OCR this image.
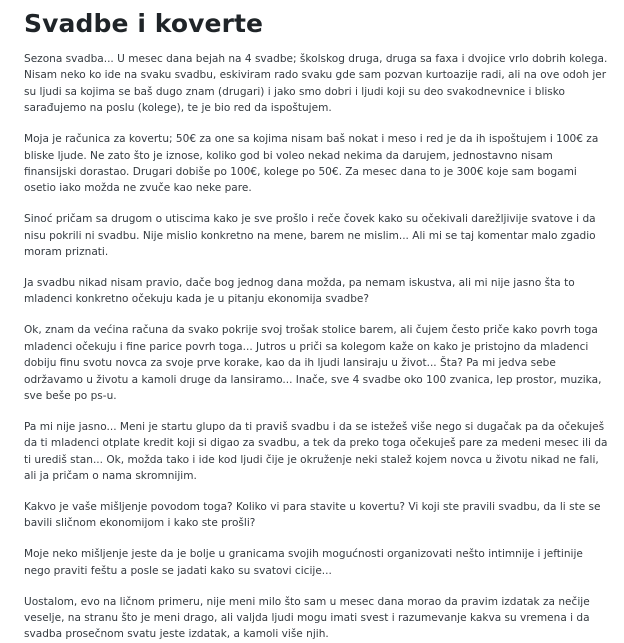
Svadbe i koverte

Sezona svadba... U mesec dana bejah na 4 svadbe; školskog druga, druga sa faxa i dvojice vrlo dobrih kolega. Nisam neko ko ide na svaku svadbu, eskiviram rado svaku gde sam pozvan kurtoazije radi, ali na ove odoh jer su ljudi sa kojima se baš dugo znam (drugari) i jako smo dobri i ljudi koji su deo svakodnevnice i blisko sarađujemo na poslu (kolege), te je bio red da ispoštujem.

Moja je računica za kovertu; 50€ za one sa kojima nisam baš nokat i meso i red je da ih ispoštujem i 100€ za bliske ljude. Ne zato što je iznose, koliko god bi voleo nekad nekima da darujem, jednostavno nisam finansijski dorastao. Drugari dobiše po 100€, kolege po 50€. Za mesec dana to je 300€ koje sam bogami osetio iako možda ne zvuče kao neke pare.

Sinoć pričam sa drugom o utiscima kako je sve prošlo i reče čovek kako su očekivali darežljivije svatove i da nisu pokrili ni svadbu. Nije mislio konkretno na mene, barem ne mislim... Ali mi se taj komentar malo zgadio moram priznati.

Ja svadbu nikad nisam pravio, dače bog jednog dana možda, pa nemam iskustva, ali mi nije jasno šta to mladenci konkretno očekuju kada je u pitanju ekonomija svadbe?

Ok, znam da većina računa da svako pokrije svoj trošak stolice barem, ali čujem često priče kako povrh toga mladenci očekuju i fine parice povrh toga... Jutros u priči sa kolegom kaže on kako je pristojno da mladenci dobiju finu svotu novca za svoje prve korake, kao da ih ljudi lansiraju u život... Šta? Pa mi jedva sebe održavamo u životu a kamoli druge da lansiramo... Inače, sve 4 svadbe oko 100 zvanica, lep prostor, muzika, sve beše po ps-u.

Pa mi nije jasno... Meni je startu glupo da ti praviš svadbu i da se istežeš više nego si dugačak pa da očekuješ da ti mladenci otplate kredit koji si digao za svadbu, a tek da preko toga očekuješ pare za medeni mesec ili da ti urediš stan... Ok, možda tako i ide kod ljudi čije je okruženje neki stalež kojem novca u životu nikad ne fali, ali ja pričam o nama skromnijim.

Kakvo je vaše mišljenje povodom toga? Koliko vi para stavite u kovertu? Vi koji ste pravili svadbu, da li ste se bavili sličnom ekonomijom i kako ste prošli?

Moje neko mišljenje jeste da je bolje u granicama svojih mogućnosti organizovati nešto intimnije i jeftinije nego praviti feštu a posle se jadati kako su svatovi cicije...

Uostalom, evo na ličnom primeru, nije meni milo što sam u mesec dana morao da pravim izdatak za nečije veselje, na stranu što je meni drago, ali valjda ljudi mogu imati svest i razumevanje kakva su vremena i da svadba prosečnom svatu jeste izdatak, a kamoli više njih.
